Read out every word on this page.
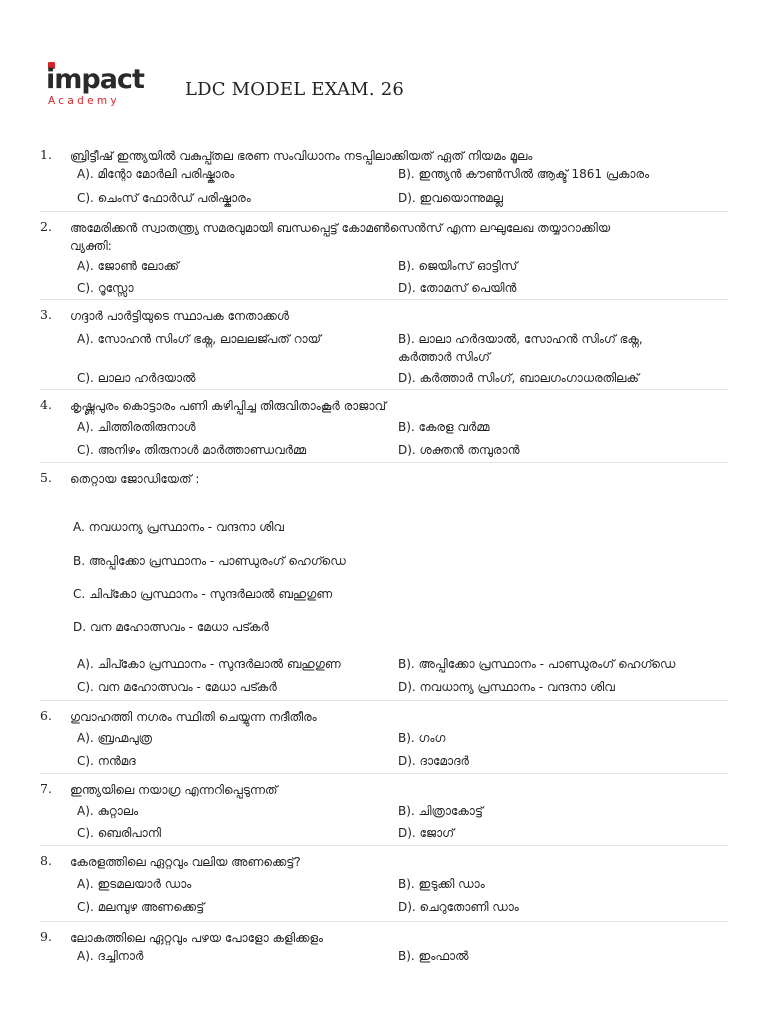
impact
Academy
LDC MODEL EXAM. 26
1. ബ്രിട്ടീഷ് ഇന്ത്യയിൽ വകുപ്പ്തല ഭരണ സംവിധാനം നടപ്പിലാക്കിയത് ഏത് നിയമം മൂലം
A). മിന്റോ മോർലി പരിഷ്കാരം	B). ഇന്ത്യൻ കൗൺസിൽ ആക്ട് 1861 പ്രകാരം
C). ചെംസ് ഫോർഡ് പരിഷ്കാരം	D). ഇവയൊന്നുമല്ല
2. അമേരിക്കൻ സ്വാതന്ത്ര്യ സമരവുമായി ബന്ധപ്പെട്ട് കോമൺസെൻസ് എന്ന ലഘുലേഖ തയ്യാറാക്കിയ വ്യക്തി:
A). ജോൺ ലോക്ക്	B). ജെയിംസ് ഓട്ടിസ്
C). റൂസ്സോ	D). തോമസ് പെയിൻ
3. ഗദ്ദാർ പാർട്ടിയുടെ സ്ഥാപക നേതാക്കൾ
A). സോഹൻ സിംഗ് ഭക്ന, ലാലലജ്പത് റായ്	B). ലാലാ ഹർദയാൽ, സോഹൻ സിംഗ് ഭക്ന, കർത്താർ സിംഗ്
C). ലാലാ ഹർദയാൽ	D). കർത്താർ സിംഗ്, ബാലഗംഗാധരതിലക്
4. കൃഷ്ണപുരം കൊട്ടാരം പണി കഴിപ്പിച്ച തിരുവിതാംകൂർ രാജാവ്
A). ചിത്തിരതിരുനാൾ	B). കേരള വർമ്മ
C). അനിഴം തിരുനാൾ മാർത്താണ്ഡവർമ്മ	D). ശക്തൻ തമ്പുരാൻ
5. തെറ്റായ ജോഡിയേത് :
A. നവധാന്യ പ്രസ്ഥാനം - വന്ദനാ ശിവ
B. അപ്പിക്കോ പ്രസ്ഥാനം - പാണ്ഡുരംഗ് ഹെഗ്ഡെ
C. ചിപ്കോ പ്രസ്ഥാനം - സുന്ദർലാൽ ബഹുഗുണ
D. വന മഹോത്സവം - മേധാ പട്കർ
A). ചിപ്കോ പ്രസ്ഥാനം - സുന്ദർലാൽ ബഹുഗുണ	B). അപ്പിക്കോ പ്രസ്ഥാനം - പാണ്ഡുരംഗ് ഹെഗ്ഡെ
C). വന മഹോത്സവം - മേധാ പട്കർ	D). നവധാന്യ പ്രസ്ഥാനം - വന്ദനാ ശിവ
6. ഗുവാഹത്തി നഗരം സ്ഥിതി ചെയ്യുന്ന നദീതീരം
A). ബ്രഹ്മപുത്ര	B). ഗംഗ
C). നൻമദ	D). ദാമോദർ
7. ഇന്ത്യയിലെ നയാഗ്ര എന്നറിപ്പെടുന്നത്
A). കുറ്റാലം	B). ചിത്രാകോട്ട്
C). ബെരിപാനി	D). ജോഗ്
8. കേരളത്തിലെ ഏറ്റവും വലിയ അണക്കെട്ട്?
A). ഇടമലയാർ ഡാം	B). ഇടുക്കി ഡാം
C). മലമ്പുഴ അണക്കെട്ട്	D). ചെറുതോണി ഡാം
9. ലോകത്തിലെ ഏറ്റവും പഴയ പോളോ കളിക്കളം
A). ദച്ചിനാർ	B). ഇംഫാൽ
